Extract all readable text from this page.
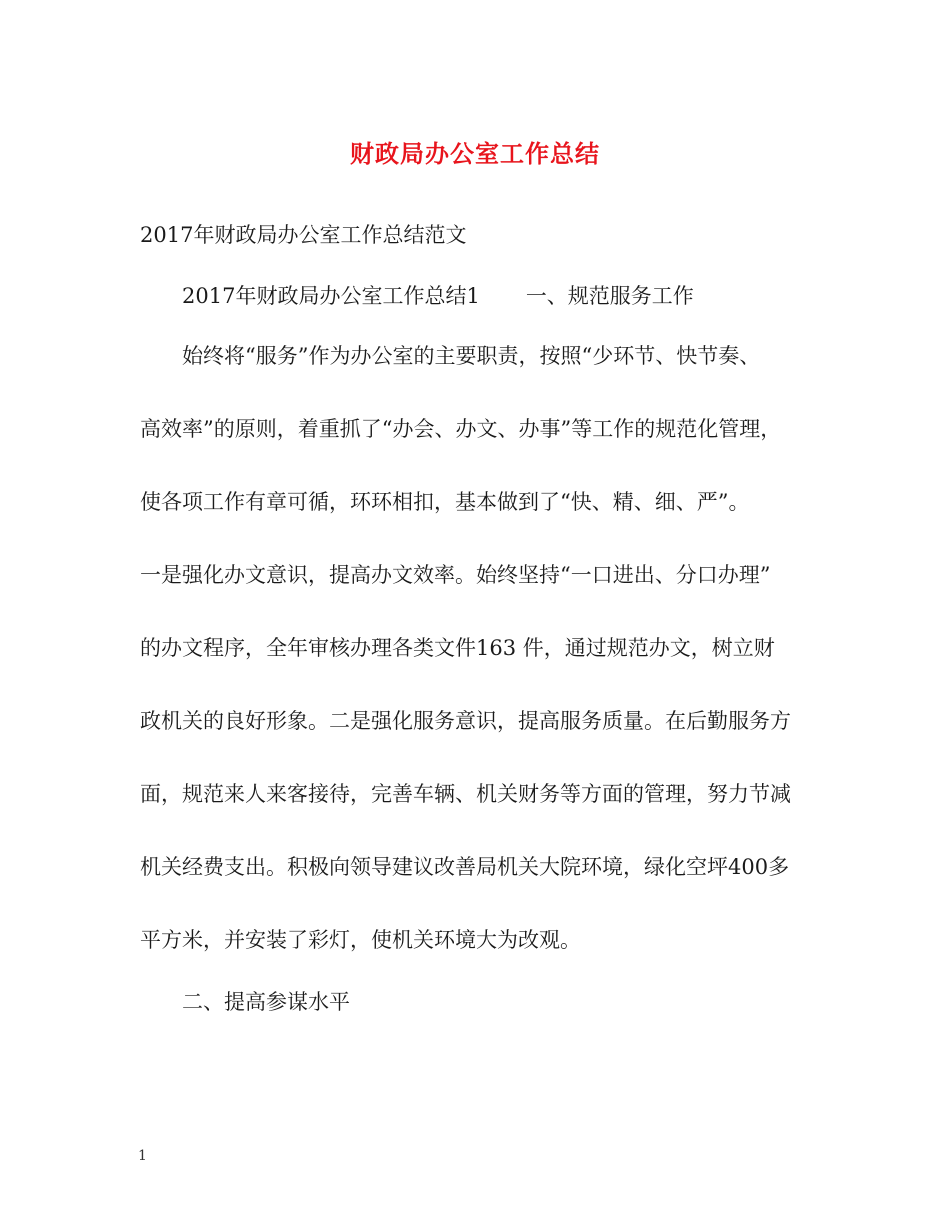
财政局办公室工作总结
2017年财政局办公室工作总结范文
2017年财政局办公室工作总结1 一、规范服务工作
始终将“服务”作为办公室的主要职责，按照“少环节、快节奏、
高效率”的原则，着重抓了“办会、办文、办事”等工作的规范化管理，
使各项工作有章可循，环环相扣，基本做到了“快、精、细、严”。
一是强化办文意识，提高办文效率。始终坚持“一口进出、分口办理”
的办文程序，全年审核办理各类文件163 件，通过规范办文，树立财
政机关的良好形象。二是强化服务意识，提高服务质量。在后勤服务方
面，规范来人来客接待，完善车辆、机关财务等方面的管理，努力节减
机关经费支出。积极向领导建议改善局机关大院环境，绿化空坪400多
平方米，并安装了彩灯，使机关环境大为改观。
二、提高参谋水平
1
